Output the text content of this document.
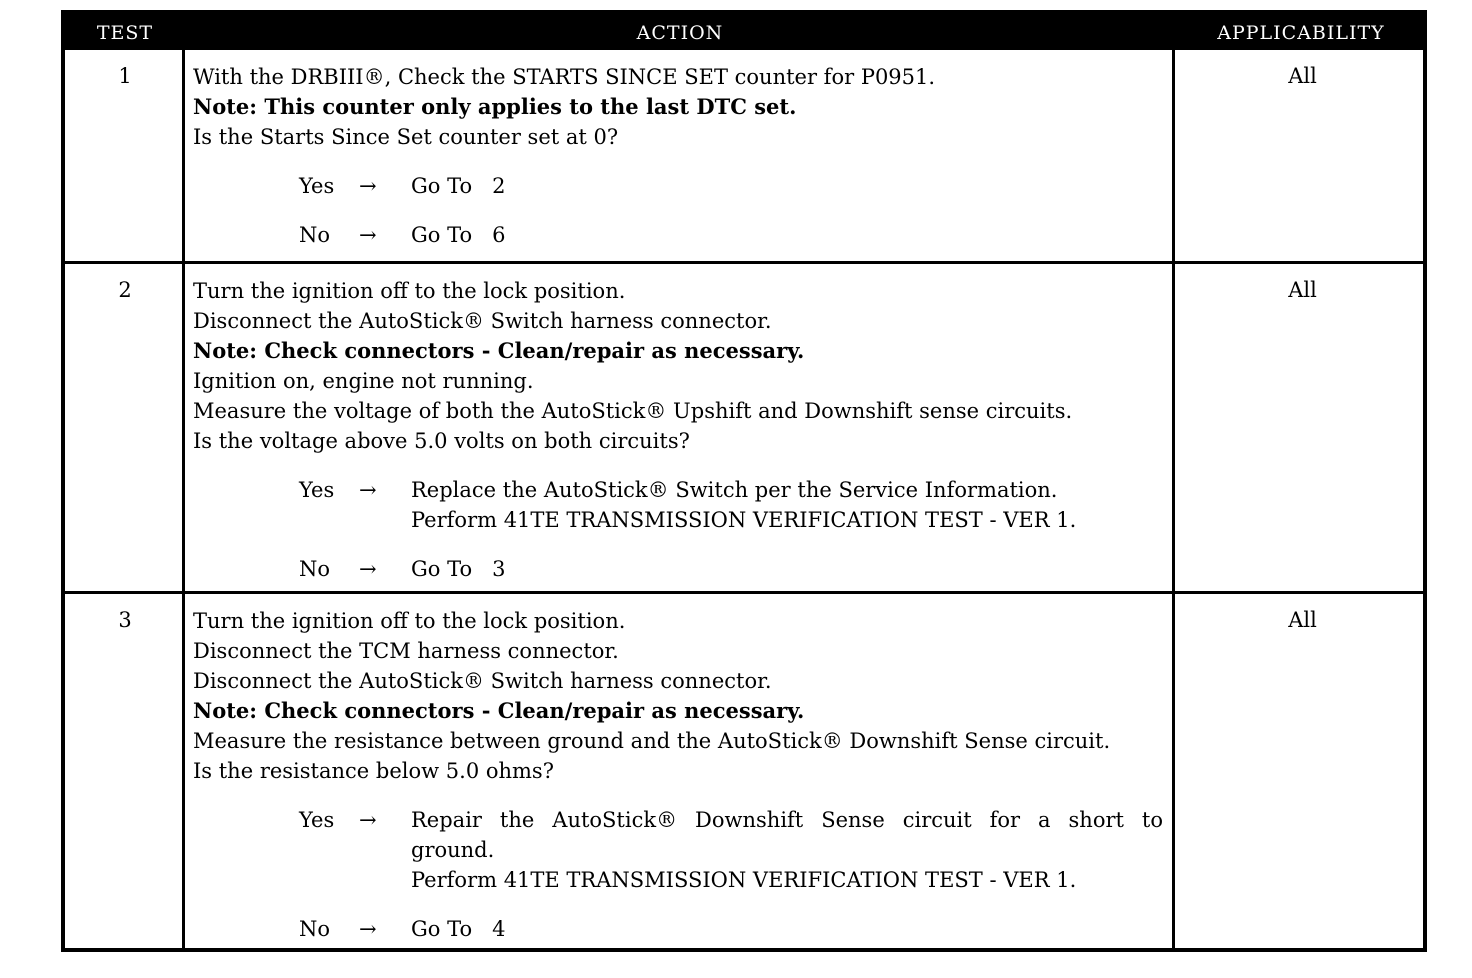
TEST	ACTION	APPLICABILITY
1	With the DRBIII®, Check the STARTS SINCE SET counter for P0951.
Note: This counter only applies to the last DTC set.
Is the Starts Since Set counter set at 0?
Yes	→	Go To   2
No	→	Go To   6
All
2	Turn the ignition off to the lock position.
Disconnect the AutoStick® Switch harness connector.
Note: Check connectors - Clean/repair as necessary.
Ignition on, engine not running.
Measure the voltage of both the AutoStick® Upshift and Downshift sense circuits.
Is the voltage above 5.0 volts on both circuits?
Yes	→	Replace the AutoStick® Switch per the Service Information.
Perform 41TE TRANSMISSION VERIFICATION TEST - VER 1.
No	→	Go To   3
All
3	Turn the ignition off to the lock position.
Disconnect the TCM harness connector.
Disconnect the AutoStick® Switch harness connector.
Note: Check connectors - Clean/repair as necessary.
Measure the resistance between ground and the AutoStick® Downshift Sense circuit.
Is the resistance below 5.0 ohms?
Yes	→	Repair the AutoStick® Downshift Sense circuit for a short to
ground.
Perform 41TE TRANSMISSION VERIFICATION TEST - VER 1.
No	→	Go To   4
All
